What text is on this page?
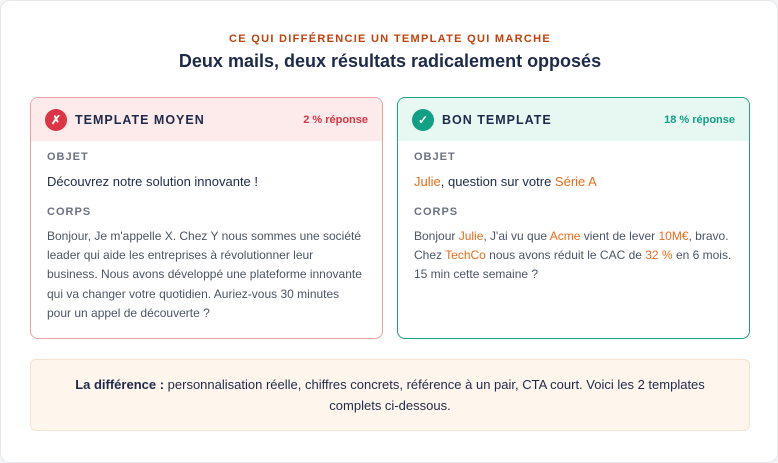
CE QUI DIFFÉRENCIE UN TEMPLATE QUI MARCHE
Deux mails, deux résultats radicalement opposés
✗	TEMPLATE MOYEN	2 % réponse
OBJET
Découvrez notre solution innovante !
CORPS
Bonjour, Je m'appelle X. Chez Y nous sommes une société leader qui aide les entreprises à révolutionner leur business. Nous avons développé une plateforme innovante qui va changer votre quotidien. Auriez-vous 30 minutes pour un appel de découverte ?
✓	BON TEMPLATE	18 % réponse
OBJET
Julie, question sur votre Série A
CORPS
Bonjour Julie, J'ai vu que Acme vient de lever 10M€, bravo. Chez TechCo nous avons réduit le CAC de 32 % en 6 mois. 15 min cette semaine ?
La différence : personnalisation réelle, chiffres concrets, référence à un pair, CTA court. Voici les 2 templates complets ci-dessous.
